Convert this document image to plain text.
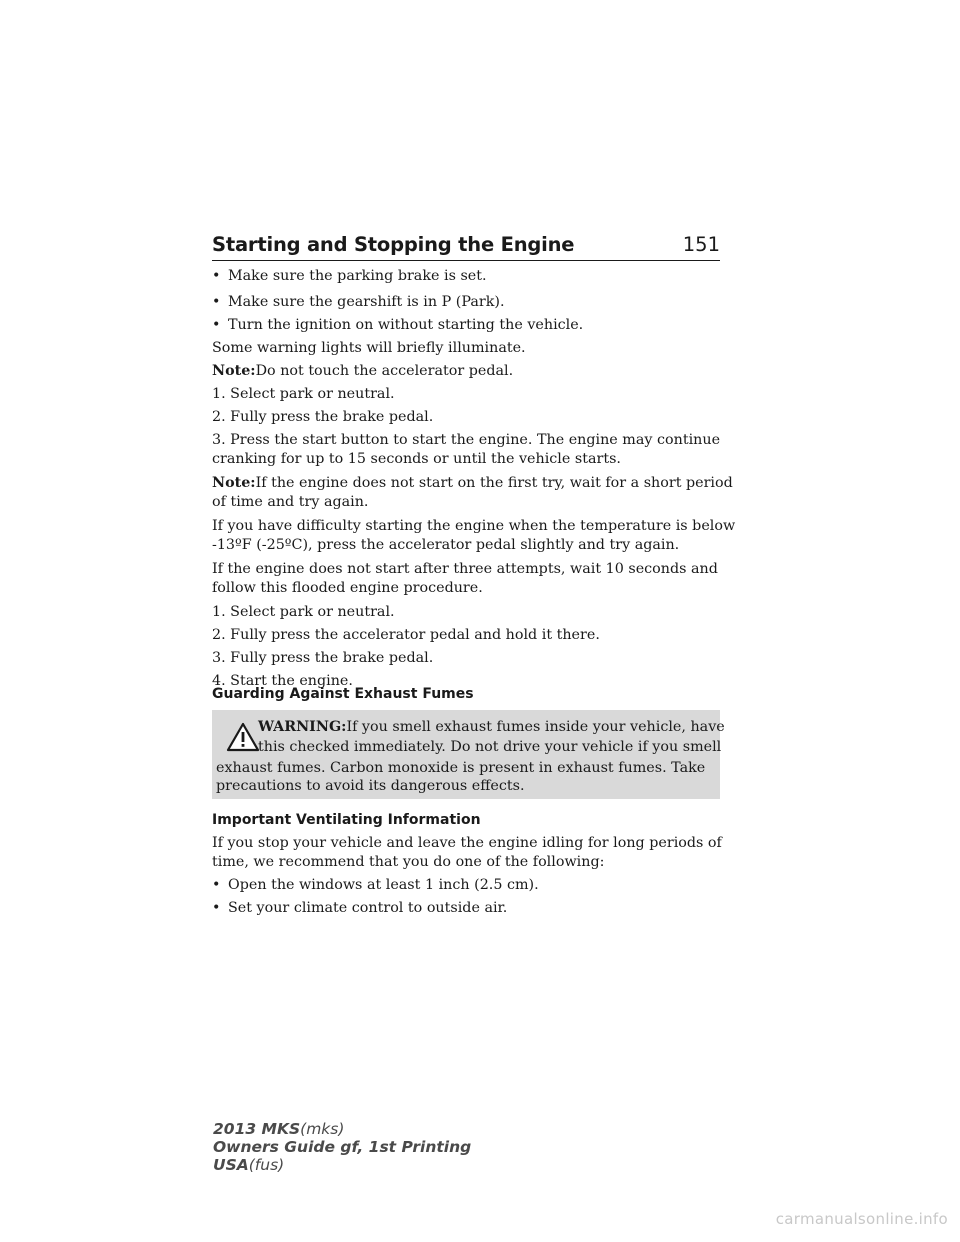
Starting and Stopping the Engine	151
• Make sure the parking brake is set.
• Make sure the gearshift is in P (Park).
• Turn the ignition on without starting the vehicle.
Some warning lights will briefly illuminate.
Note:Do not touch the accelerator pedal.
1. Select park or neutral.
2. Fully press the brake pedal.
3. Press the start button to start the engine. The engine may continue
cranking for up to 15 seconds or until the vehicle starts.
Note:If the engine does not start on the first try, wait for a short period
of time and try again.
If you have difficulty starting the engine when the temperature is below
-13ºF (-25ºC), press the accelerator pedal slightly and try again.
If the engine does not start after three attempts, wait 10 seconds and
follow this flooded engine procedure.
1. Select park or neutral.
2. Fully press the accelerator pedal and hold it there.
3. Fully press the brake pedal.
4. Start the engine.
Guarding Against Exhaust Fumes
WARNING:If you smell exhaust fumes inside your vehicle, have
this checked immediately. Do not drive your vehicle if you smell
exhaust fumes. Carbon monoxide is present in exhaust fumes. Take
precautions to avoid its dangerous effects.
Important Ventilating Information
If you stop your vehicle and leave the engine idling for long periods of
time, we recommend that you do one of the following:
• Open the windows at least 1 inch (2.5 cm).
• Set your climate control to outside air.
2013 MKS(mks)
Owners Guide gf, 1st Printing
USA(fus)
carmanualsonline.info
